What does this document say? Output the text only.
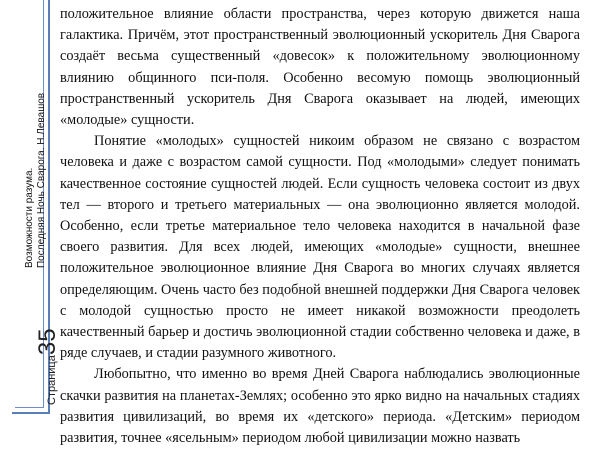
Возможности разума. Последняя Ночь Сварога. Н.Левашов
Страница35

положительное влияние области пространства, через которую движется наша галактика. Причём, этот пространственный эволюционный ускоритель Дня Сварога создаёт весьма существенный «довесок» к положительному эволюционному влиянию общинного пси-поля. Особенно весомую помощь эволюционный пространственный ускоритель Дня Сварога оказывает на людей, имеющих «молодые» сущности.

Понятие «молодых» сущностей никоим образом не связано с возрастом человека и даже с возрастом самой сущности. Под «молодыми» следует понимать качественное состояние сущностей людей. Если сущность человека состоит из двух тел — второго и третьего материальных — она эволюционно является молодой. Особенно, если третье материальное тело человека находится в начальной фазе своего развития. Для всех людей, имеющих «молодые» сущности, внешнее положительное эволюционное влияние Дня Сварога во многих случаях является определяющим. Очень часто без подобной внешней поддержки Дня Сварога человек с молодой сущностью просто не имеет никакой возможности преодолеть качественный барьер и достичь эволюционной стадии собственно человека и даже, в ряде случаев, и стадии разумного животного.

Любопытно, что именно во время Дней Сварога наблюдались эволюционные скачки развития на планетах-Землях; особенно это ярко видно на начальных стадиях развития цивилизаций, во время их «детского» периода. «Детским» периодом развития, точнее «ясельным» периодом любой цивилизации можно назвать
